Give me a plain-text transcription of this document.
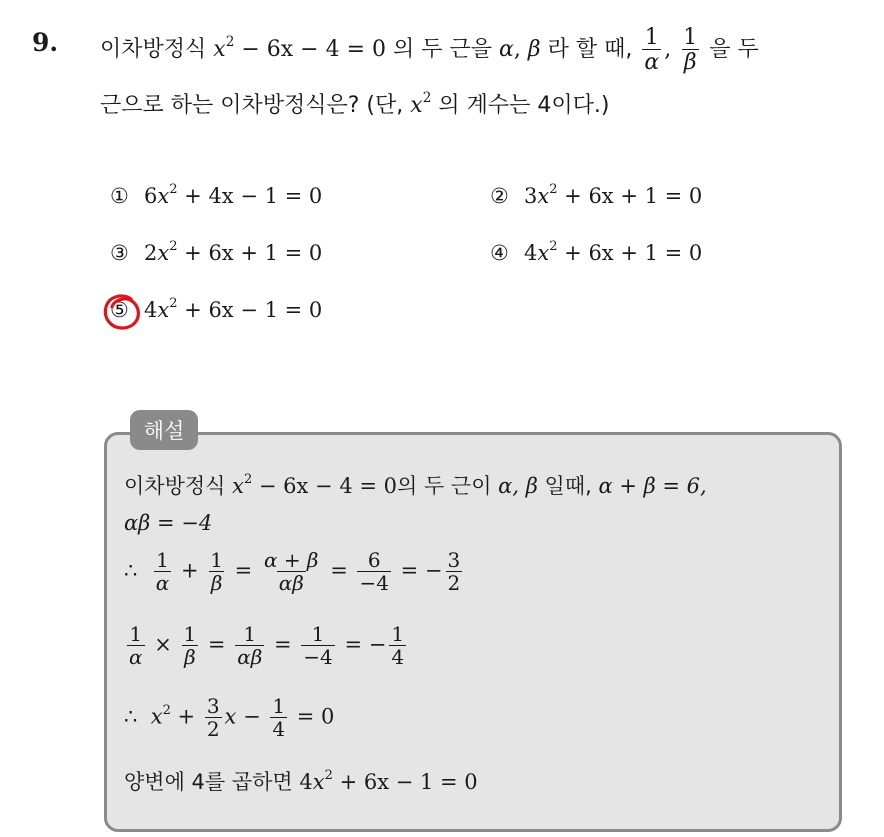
9. 이차방정식 $x^2 - 6x - 4 = 0$ 의 두 근을 α, β 라 할 때, $\frac{1}{\alpha}$ , $\frac{1}{\beta}$ 을 두
근으로 하는 이차방정식은? (단, $x^2$ 의 계수는 4이다.)
① $6x^2 + 4x - 1 = 0$	② $3x^2 + 6x + 1 = 0$
③ $2x^2 + 6x + 1 = 0$	④ $4x^2 + 6x + 1 = 0$
⑤ $4x^2 + 6x - 1 = 0$
해설
이차방정식 $x^2 - 6x - 4 = 0$의 두 근이 α, β 일때, α + β = 6,
αβ = −4
∴ $\frac{1}{\alpha} + \frac{1}{\beta} = \frac{\alpha + \beta}{\alpha\beta} = \frac{6}{-4}$ = − $\frac{3}{2}$
$\frac{1}{\alpha} \times \frac{1}{\beta} = \frac{1}{\alpha\beta} = \frac{1}{-4}$ = − $\frac{1}{4}$
∴ $x^2 + \frac{3}{2}$ $x - \frac{1}{4} = 0$
양변에 4를 곱하면 $4x^2 + 6x - 1 = 0$
